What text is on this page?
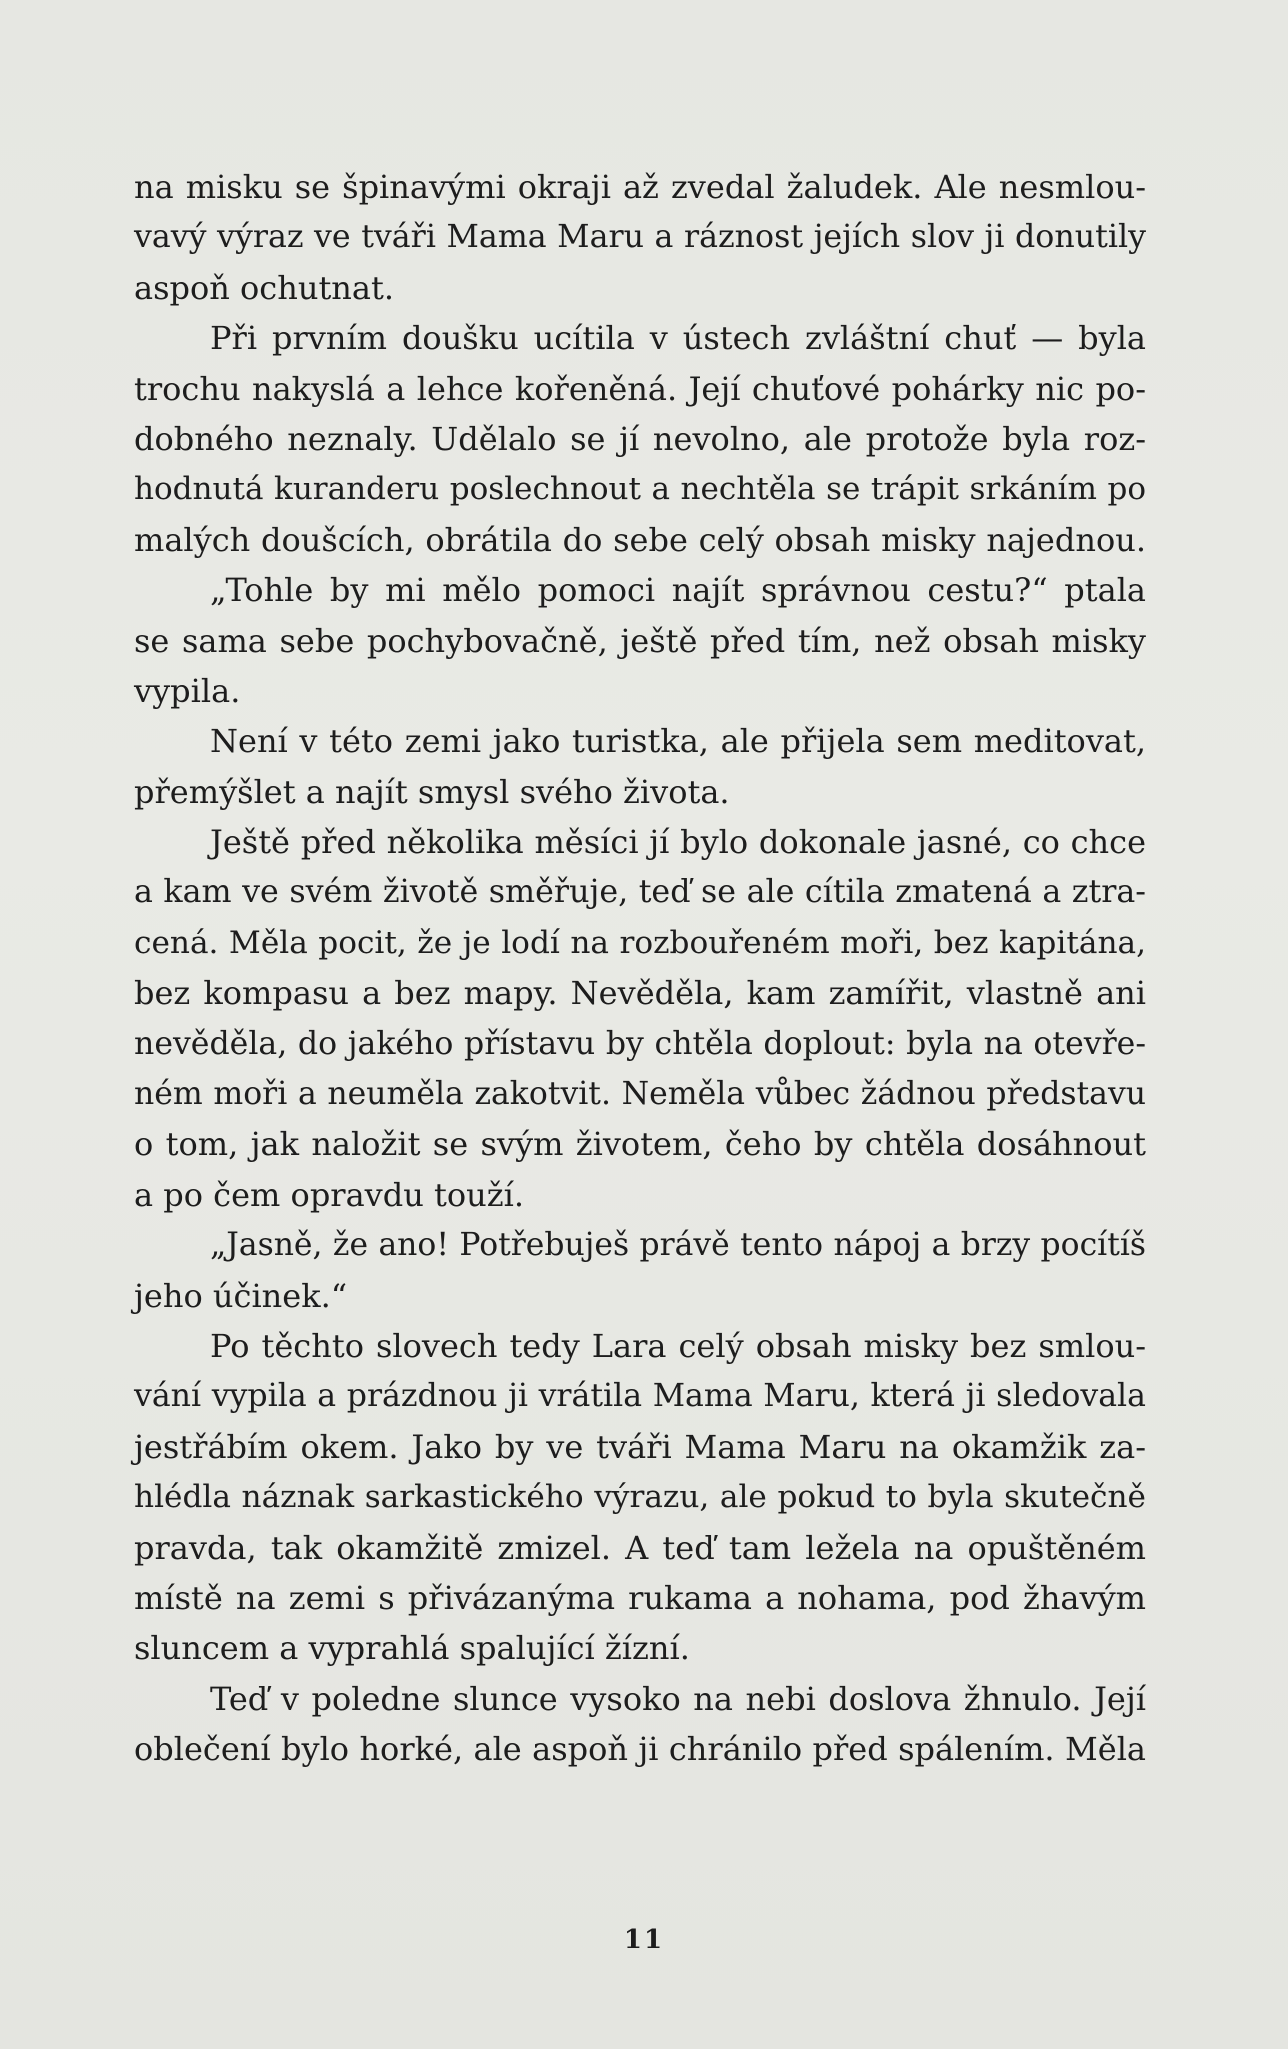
na misku se špinavými okraji až zvedal žaludek. Ale nesmlou-
vavý výraz ve tváři Mama Maru a ráznost jejích slov ji donutily
aspoň ochutnat.
Při prvním doušku ucítila v ústech zvláštní chuť — byla
trochu nakyslá a lehce kořeněná. Její chuťové pohárky nic po-
dobného neznaly. Udělalo se jí nevolno, ale protože byla roz-
hodnutá kuranderu poslechnout a nechtěla se trápit srkáním po
malých doušcích, obrátila do sebe celý obsah misky najednou.
„Tohle by mi mělo pomoci najít správnou cestu?“ ptala
se sama sebe pochybovačně, ještě před tím, než obsah misky
vypila.
Není v této zemi jako turistka, ale přijela sem meditovat,
přemýšlet a najít smysl svého života.
Ještě před několika měsíci jí bylo dokonale jasné, co chce
a kam ve svém životě směřuje, teď se ale cítila zmatená a ztra-
cená. Měla pocit, že je lodí na rozbouřeném moři, bez kapitána,
bez kompasu a bez mapy. Nevěděla, kam zamířit, vlastně ani
nevěděla, do jakého přístavu by chtěla doplout: byla na otevře-
ném moři a neuměla zakotvit. Neměla vůbec žádnou představu
o tom, jak naložit se svým životem, čeho by chtěla dosáhnout
a po čem opravdu touží.
„Jasně, že ano! Potřebuješ právě tento nápoj a brzy pocítíš
jeho účinek.“
Po těchto slovech tedy Lara celý obsah misky bez smlou-
vání vypila a prázdnou ji vrátila Mama Maru, která ji sledovala
jestřábím okem. Jako by ve tváři Mama Maru na okamžik za-
hlédla náznak sarkastického výrazu, ale pokud to byla skutečně
pravda, tak okamžitě zmizel. A teď tam ležela na opuštěném
místě na zemi s přivázanýma rukama a nohama, pod žhavým
sluncem a vyprahlá spalující žízní.
Teď v poledne slunce vysoko na nebi doslova žhnulo. Její
oblečení bylo horké, ale aspoň ji chránilo před spálením. Měla
11
